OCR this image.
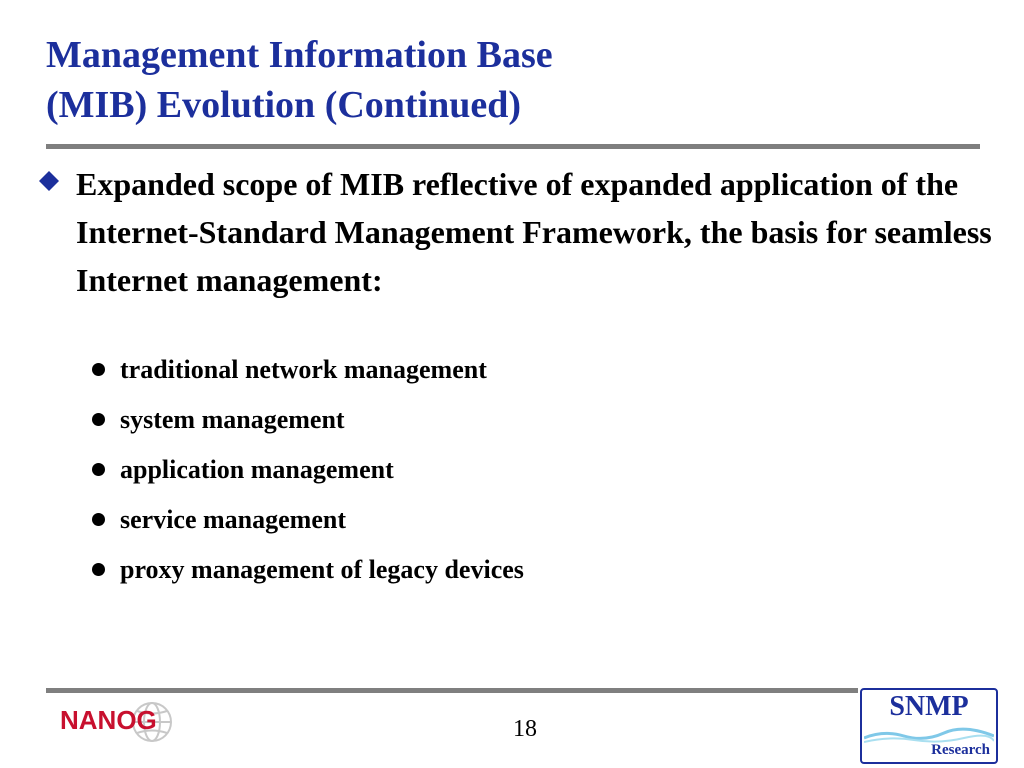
Management Information Base
(MIB) Evolution (Continued)

Expanded scope of MIB reflective of expanded application of the Internet-Standard Management Framework, the basis for seamless Internet management:

traditional network management
system management
application management
service management
proxy management of legacy devices
NANOG	18
SNMP
Research
